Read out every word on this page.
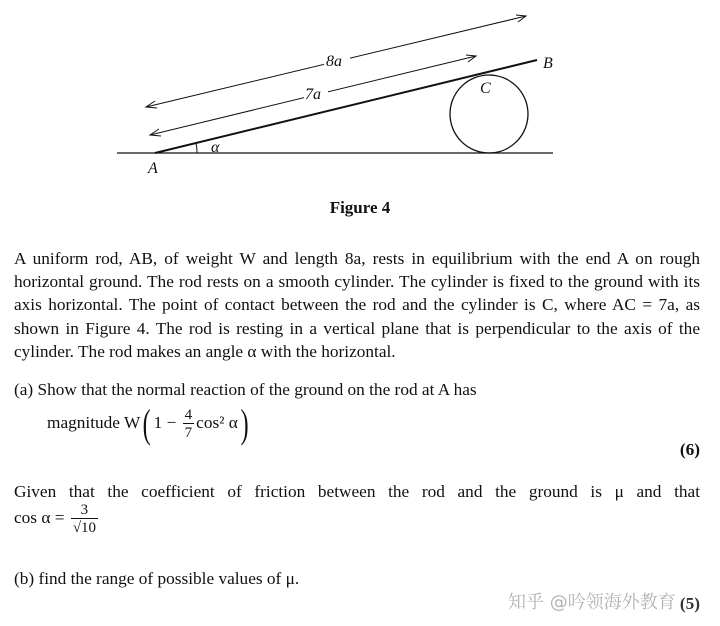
8a
7a
B
C
α
A
Figure 4
A uniform rod, AB, of weight W and length 8a, rests in equilibrium with the end A on rough horizontal ground. The rod rests on a smooth cylinder. The cylinder is fixed to the ground with its axis horizontal. The point of contact between the rod and the cylinder is C, where AC = 7a, as shown in Figure 4. The rod is resting in a vertical plane that is perpendicular to the axis of the cylinder. The rod makes an angle α with the horizontal.
(a) Show that the normal reaction of the ground on the rod at A has
magnitude W( $1 - \frac{4}{7} \cos^2$ α)
(6)
Given that the coefficient of friction between the rod and the ground is μ and that
$\cos \alpha = \frac{3}{√10}$
(b) find the range of possible values of μ.
(5)
知乎 @吟领海外教育
